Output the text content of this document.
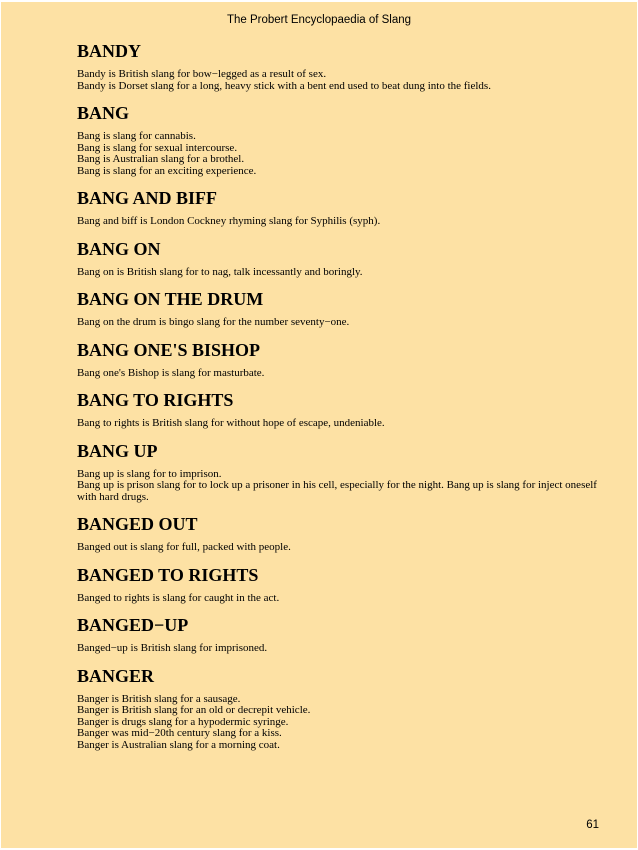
The Probert Encyclopaedia of Slang
BANDY
Bandy is British slang for bow−legged as a result of sex.
Bandy is Dorset slang for a long, heavy stick with a bent end used to beat dung into the fields.
BANG
Bang is slang for cannabis.
Bang is slang for sexual intercourse.
Bang is Australian slang for a brothel.
Bang is slang for an exciting experience.
BANG AND BIFF
Bang and biff is London Cockney rhyming slang for Syphilis (syph).
BANG ON
Bang on is British slang for to nag, talk incessantly and boringly.
BANG ON THE DRUM
Bang on the drum is bingo slang for the number seventy−one.
BANG ONE'S BISHOP
Bang one's Bishop is slang for masturbate.
BANG TO RIGHTS
Bang to rights is British slang for without hope of escape, undeniable.
BANG UP
Bang up is slang for to imprison.
Bang up is prison slang for to lock up a prisoner in his cell, especially for the night. Bang up is slang for inject oneself with hard drugs.
BANGED OUT
Banged out is slang for full, packed with people.
BANGED TO RIGHTS
Banged to rights is slang for caught in the act.
BANGED−UP
Banged−up is British slang for imprisoned.
BANGER
Banger is British slang for a sausage.
Banger is British slang for an old or decrepit vehicle.
Banger is drugs slang for a hypodermic syringe.
Banger was mid−20th century slang for a kiss.
Banger is Australian slang for a morning coat.
61
